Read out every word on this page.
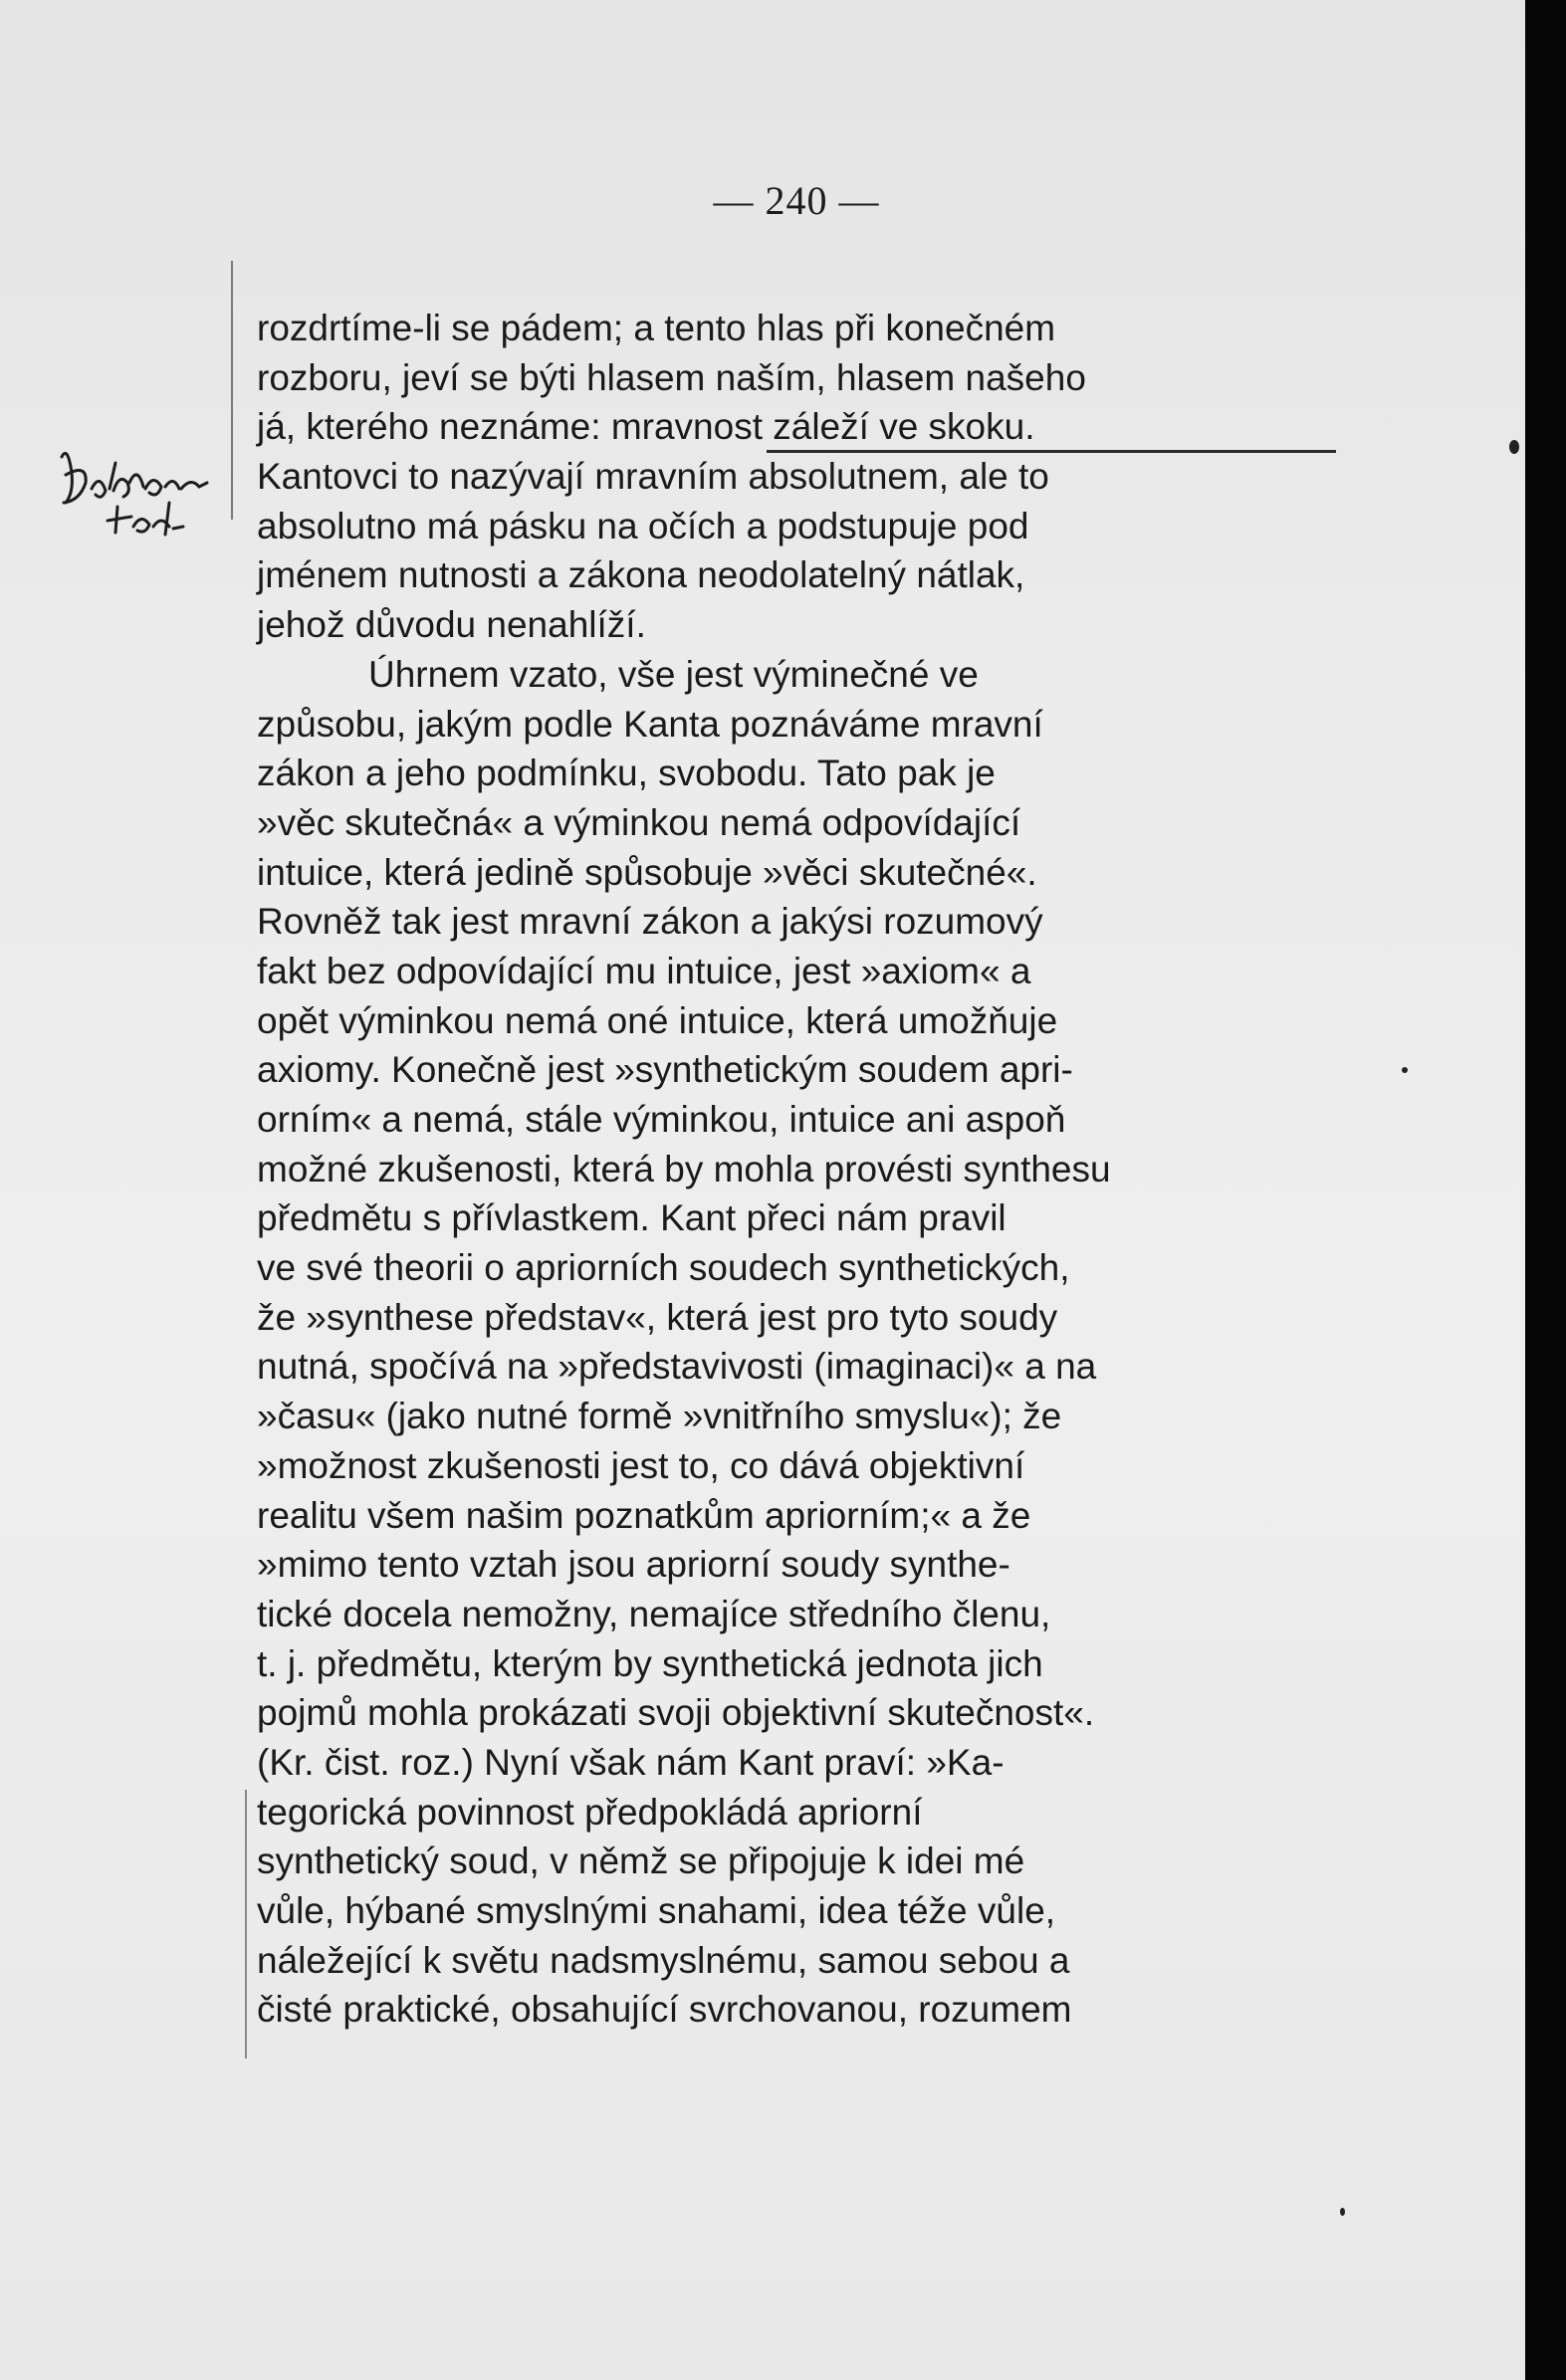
— 240 —
rozdrtíme-li se pádem; a tento hlas při konečném
rozboru, jeví se býti hlasem naším, hlasem našeho
já, kterého neznáme: mravnost záleží ve skoku.
Kantovci to nazývají mravním absolutnem, ale to
absolutno má pásku na očích a podstupuje pod
jménem nutnosti a zákona neodolatelný nátlak,
jehož důvodu nenahlíží.
Úhrnem vzato, vše jest výminečné ve
způsobu, jakým podle Kanta poznáváme mravní
zákon a jeho podmínku, svobodu. Tato pak je
»věc skutečná« a výminkou nemá odpovídající
intuice, která jedině spůsobuje »věci skutečné«.
Rovněž tak jest mravní zákon a jakýsi rozumový
fakt bez odpovídající mu intuice, jest »axiom« a
opět výminkou nemá oné intuice, která umožňuje
axiomy. Konečně jest »synthetickým soudem apri-
orním« a nemá, stále výminkou, intuice ani aspoň
možné zkušenosti, která by mohla provésti synthesu
předmětu s přívlastkem. Kant přeci nám pravil
ve své theorii o apriorních soudech synthetických,
že »synthese představ«, která jest pro tyto soudy
nutná, spočívá na »představivosti (imaginaci)« a na
»času« (jako nutné formě »vnitřního smyslu«); že
»možnost zkušenosti jest to, co dává objektivní
realitu všem našim poznatkům apriorním;« a že
»mimo tento vztah jsou apriorní soudy synthe-
tické docela nemožny, nemajíce středního členu,
t. j. předmětu, kterým by synthetická jednota jich
pojmů mohla prokázati svoji objektivní skutečnost«.
(Kr. čist. roz.) Nyní však nám Kant praví: »Ka-
tegorická povinnost předpokládá apriorní
synthetický soud, v němž se připojuje k idei mé
vůle, hýbané smyslnými snahami, idea téže vůle,
náležející k světu nadsmyslnému, samou sebou a
čisté praktické, obsahující svrchovanou, rozumem
